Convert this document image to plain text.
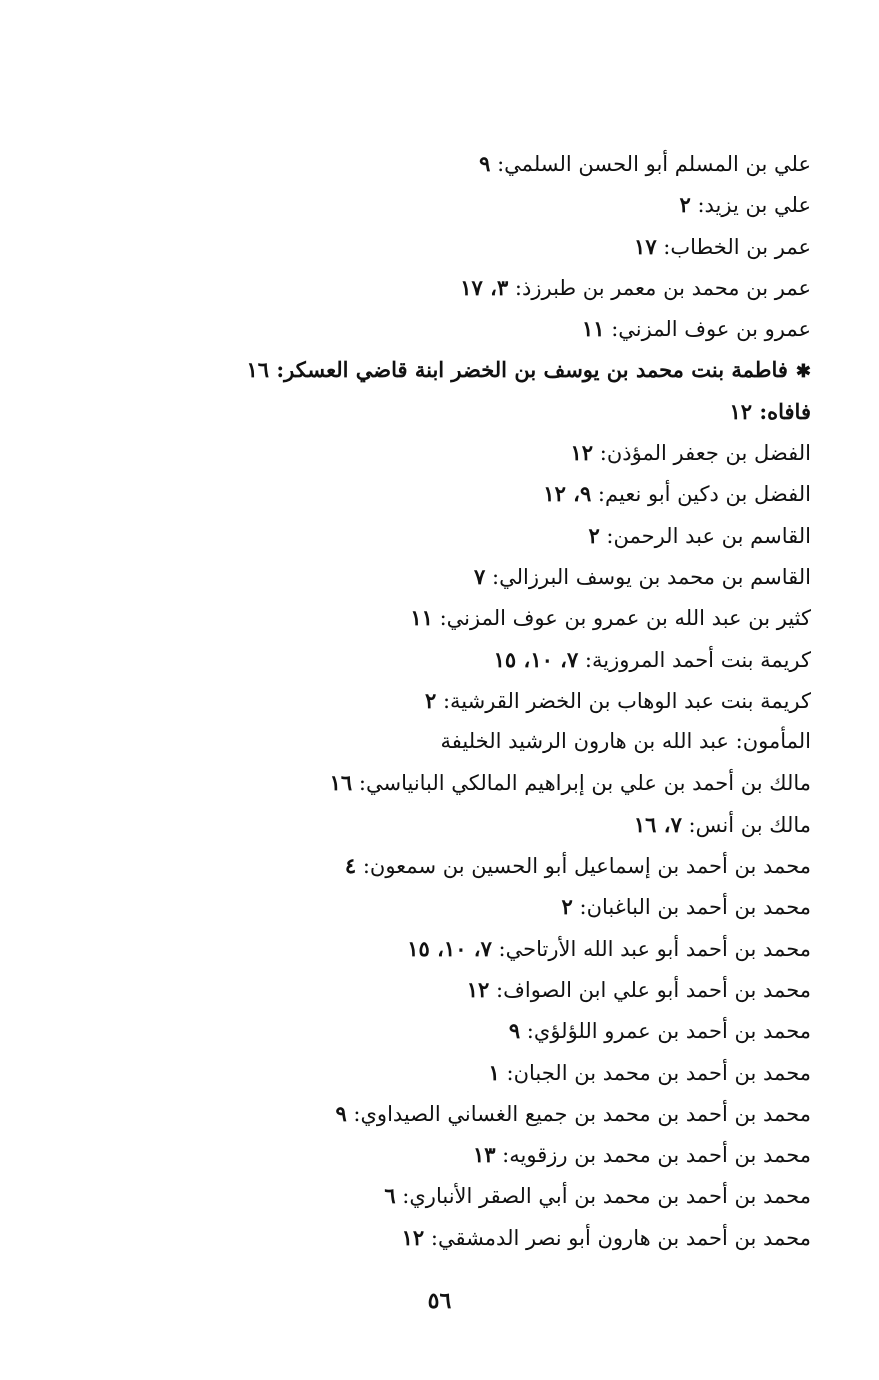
علي بن المسلم أبو الحسن السلمي: ٩
علي بن يزيد: ٢
عمر بن الخطاب: ١٧
عمر بن محمد بن معمر بن طبرزذ: ٣، ١٧
عمرو بن عوف المزني: ١١
✱فاطمة بنت محمد بن يوسف بن الخضر ابنة قاضي العسكر: ١٦
فافاه: ١٢
الفضل بن جعفر المؤذن: ١٢
الفضل بن دكين أبو نعيم: ٩، ١٢
القاسم بن عبد الرحمن: ٢
القاسم بن محمد بن يوسف البرزالي: ٧
كثير بن عبد الله بن عمرو بن عوف المزني: ١١
كريمة بنت أحمد المروزية: ٧، ١٠، ١٥
كريمة بنت عبد الوهاب بن الخضر القرشية: ٢
المأمون: عبد الله بن هارون الرشيد الخليفة
مالك بن أحمد بن علي بن إبراهيم المالكي البانياسي: ١٦
مالك بن أنس: ٧، ١٦
محمد بن أحمد بن إسماعيل أبو الحسين بن سمعون: ٤
محمد بن أحمد بن الباغبان: ٢
محمد بن أحمد أبو عبد الله الأرتاحي: ٧، ١٠، ١٥
محمد بن أحمد أبو علي ابن الصواف: ١٢
محمد بن أحمد بن عمرو اللؤلؤي: ٩
محمد بن أحمد بن محمد بن الجبان: ١
محمد بن أحمد بن محمد بن جميع الغساني الصيداوي: ٩
محمد بن أحمد بن محمد بن رزقويه: ١٣
محمد بن أحمد بن محمد بن أبي الصقر الأنباري: ٦
محمد بن أحمد بن هارون أبو نصر الدمشقي: ١٢
٥٦
